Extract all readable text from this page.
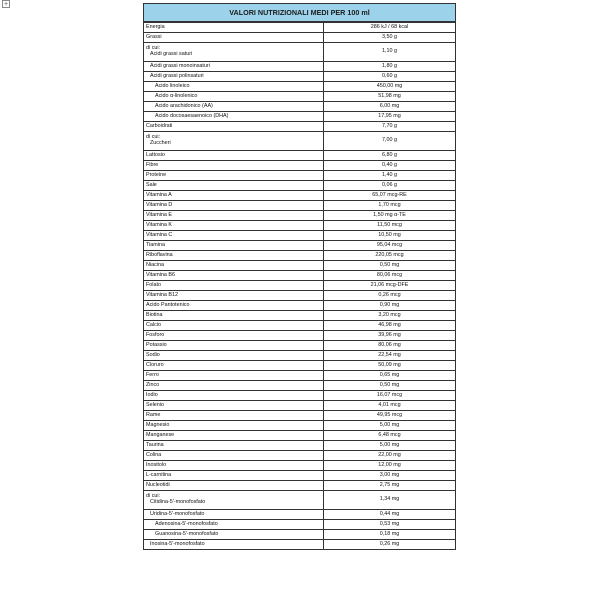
+
VALORI NUTRIZIONALI MEDI PER 100 ml
Energia	286 kJ / 68 kcal
Grassi	3,50 g

di cui:
Acidi grassi saturi	1,10 g
Acidi grassi monoinsaturi	1,80 g
Acidi grassi polinsaturi	0,60 g
Acido linoleico	450,00 mg
Acido α-linolenico	51,98 mg
Acido arachidonico (AA)	6,00 mg
Acido docosaesaenoico (DHA)	17,95 mg
Carboidrati	7,70 g

di cui:
Zuccheri	7,00 g
Lattosio	6,80 g
Fibre	0,40 g
Proteine	1,40 g
Sale	0,06 g
Vitamina A	65,07 mcg-RE
Vitamina D	1,70 mcg
Vitamina E	1,50 mg α-TE
Vitamina K	11,50 mcg
Vitamina C	10,50 mg
Tiamina	95,04 mcg
Riboflavina	220,05 mcg
Niacina	0,50 mg
Vitamina B6	80,06 mcg
Folato	21,06 mcg-DFE
Vitamina B12	0,26 mcg
Acido Pantotenico	0,90 mg
Biotina	3,20 mcg
Calcio	46,98 mg
Fosforo	39,96 mg
Potassio	80,06 mg
Sodio	22,54 mg
Cloruro	50,09 mg
Ferro	0,65 mg
Zinco	0,50 mg
Iodio	16,07 mcg
Selenio	4,01 mcg
Rame	49,95 mcg
Magnesio	5,00 mg
Manganese	6,48 mcg
Taurina	5,00 mg
Colina	22,00 mg
Inositolo	12,00 mg
L-carnitina	3,00 mg
Nucleotidi	2,75 mg

di cui:
Citidina-5'-monofosfato	1,34 mg
Uridina-5'-monofosfato	0,44 mg
Adenosina-5'-monofosfato	0,53 mg
Guanosina-5'-monofosfato	0,18 mg
Inosina-5'-monofosfato	0,26 mg
